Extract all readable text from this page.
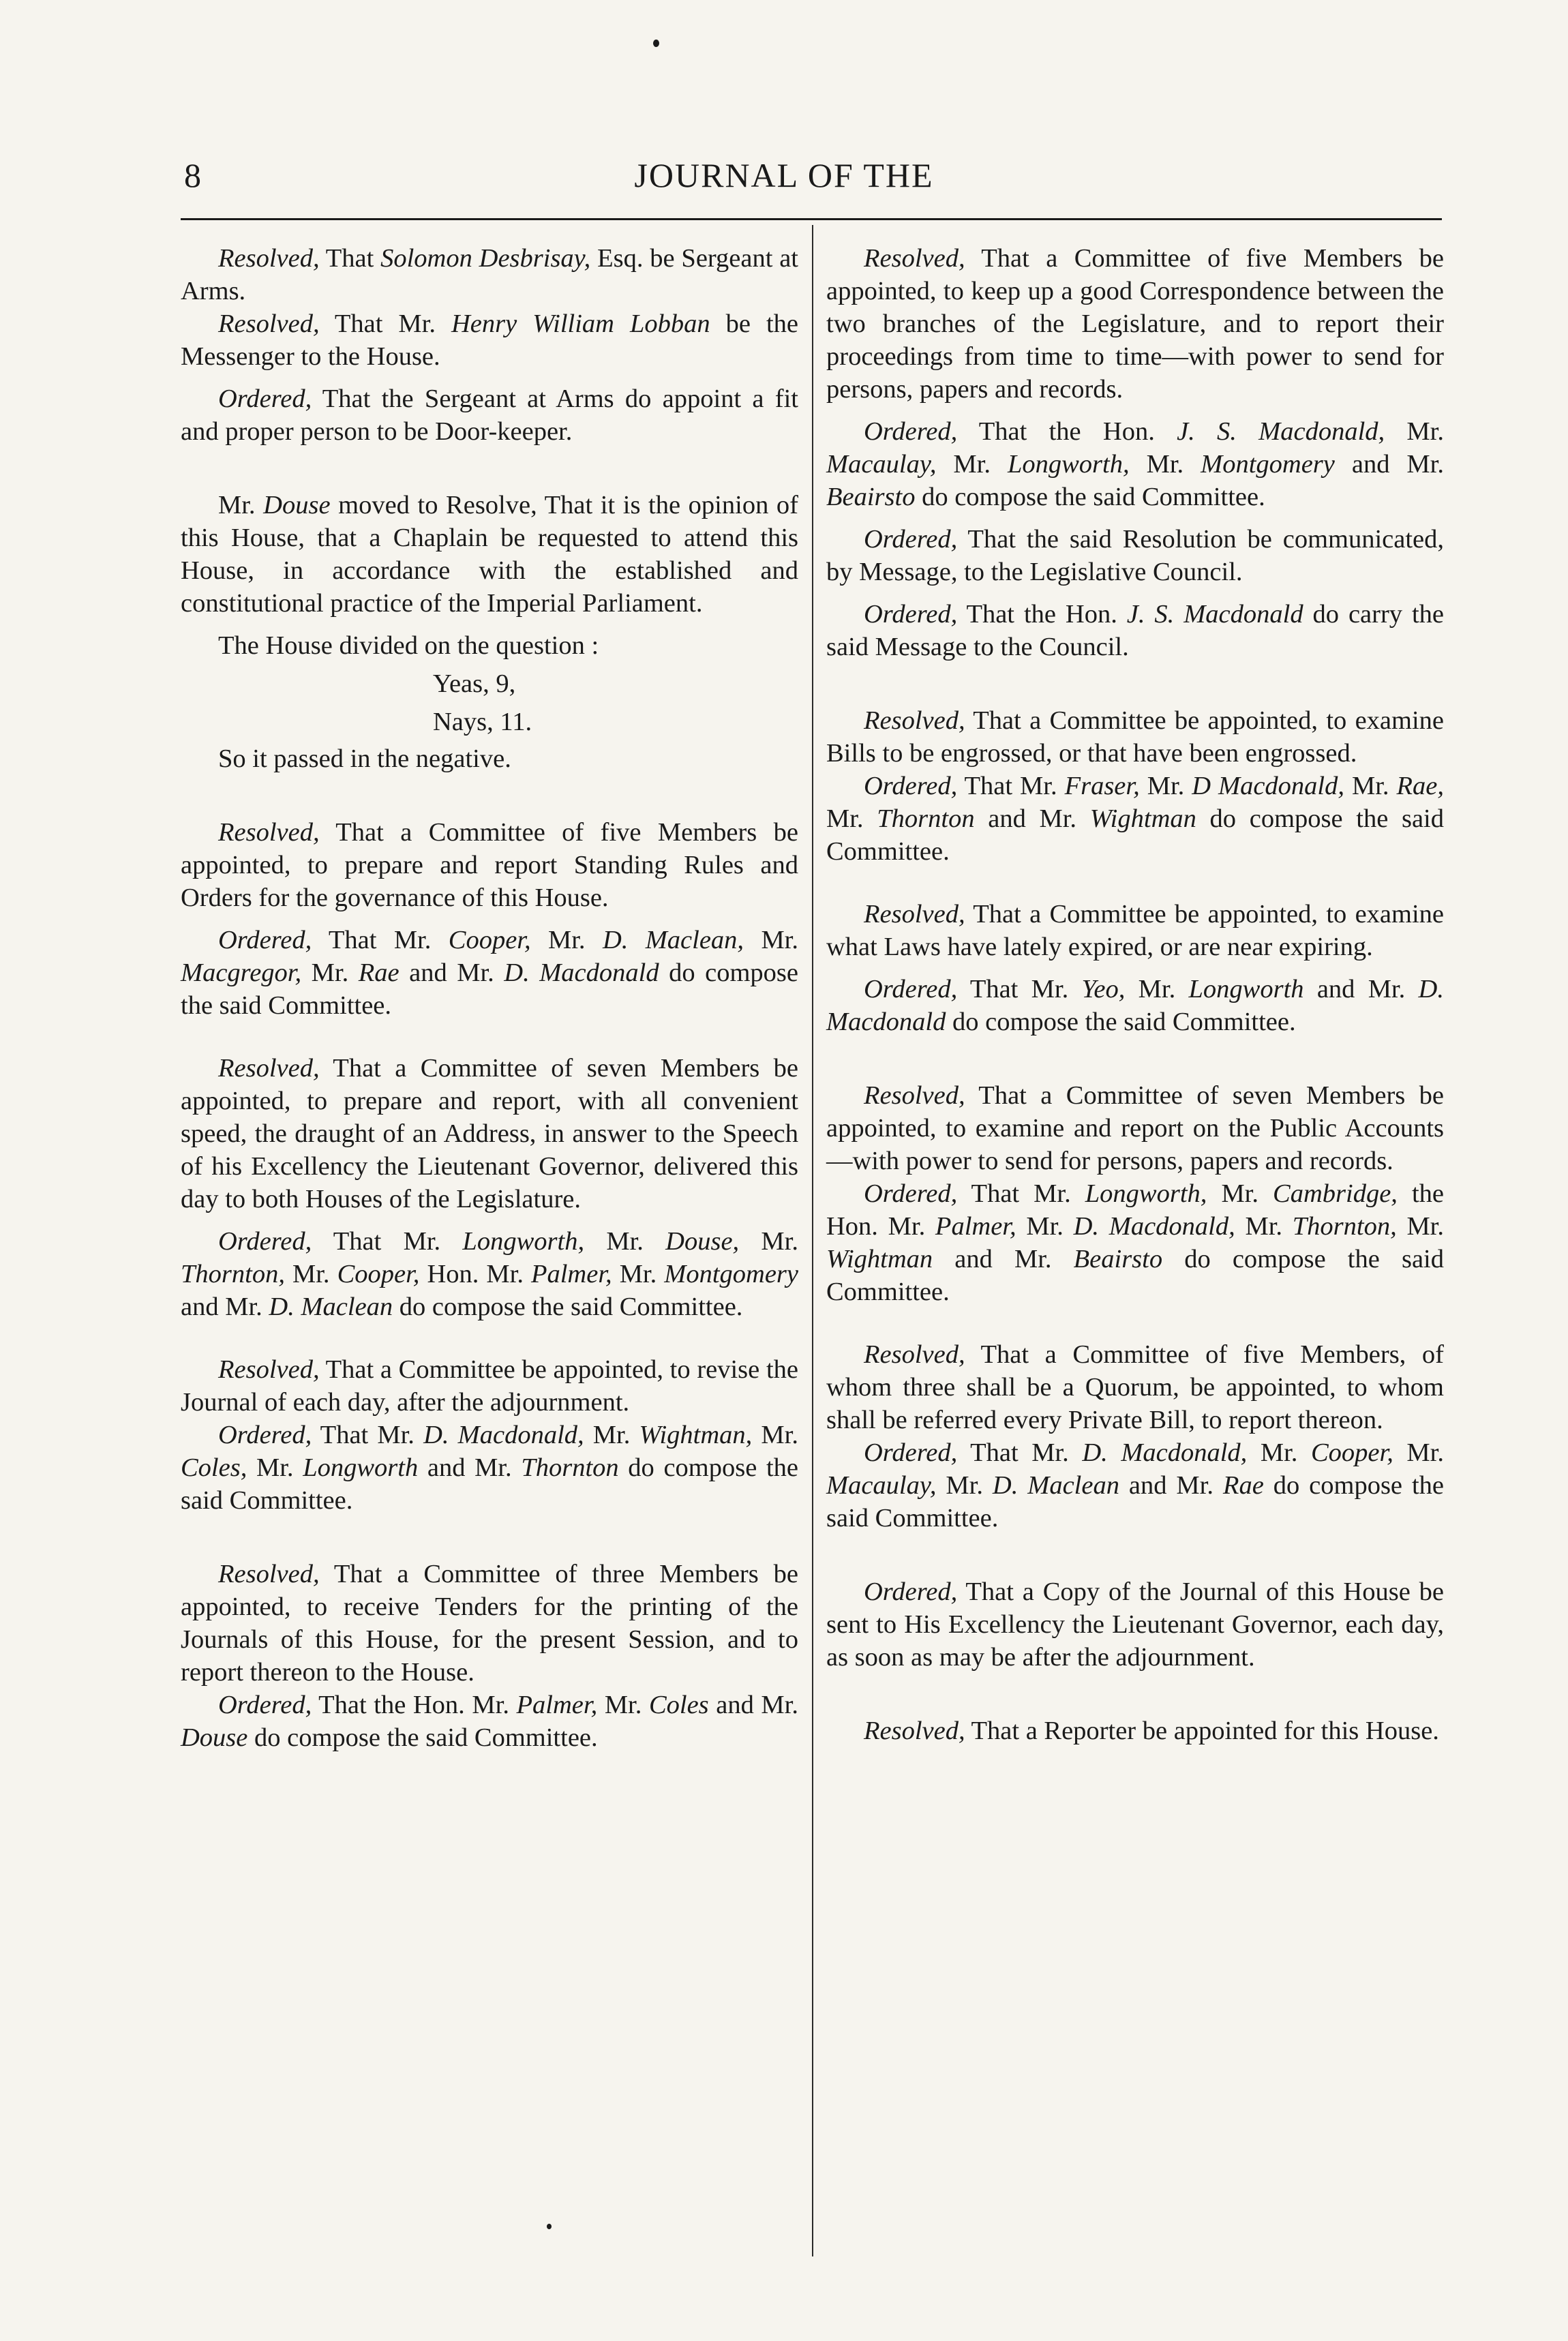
8	JOURNAL OF THE

Resolved, That Solomon Desbrisay, Esq. be Sergeant at Arms.

Resolved, That Mr. Henry William Lobban be the Messenger to the House.

Ordered, That the Sergeant at Arms do appoint a fit and proper person to be Door-keeper.

Mr. Douse moved to Resolve, That it is the opinion of this House, that a Chaplain be requested to attend this House, in accordance with the established and constitutional practice of the Imperial Parliament.

The House divided on the question :

Yeas, 9,

Nays, 11.

So it passed in the negative.

Resolved, That a Committee of five Members be appointed, to prepare and report Standing Rules and Orders for the governance of this House.

Ordered, That Mr. Cooper, Mr. D. Maclean, Mr. Macgregor, Mr. Rae and Mr. D. Macdonald do compose the said Committee.

Resolved, That a Committee of seven Members be appointed, to prepare and report, with all convenient speed, the draught of an Address, in answer to the Speech of his Excellency the Lieutenant Governor, delivered this day to both Houses of the Legislature.

Ordered, That Mr. Longworth, Mr. Douse, Mr. Thornton, Mr. Cooper, Hon. Mr. Palmer, Mr. Montgomery and Mr. D. Maclean do compose the said Committee.

Resolved, That a Committee be appointed, to revise the Journal of each day, after the adjournment.

Ordered, That Mr. D. Macdonald, Mr. Wightman, Mr. Coles, Mr. Longworth and Mr. Thornton do compose the said Committee.

Resolved, That a Committee of three Members be appointed, to receive Tenders for the printing of the Journals of this House, for the present Session, and to report thereon to the House.

Ordered, That the Hon. Mr. Palmer, Mr. Coles and Mr. Douse do compose the said Committee.

Resolved, That a Committee of five Members be appointed, to keep up a good Correspondence between the two branches of the Legislature, and to report their proceedings from time to time—with power to send for persons, papers and records.

Ordered, That the Hon. J. S. Macdonald, Mr. Macaulay, Mr. Longworth, Mr. Montgomery and Mr. Beairsto do compose the said Committee.

Ordered, That the said Resolution be communicated, by Message, to the Legislative Council.

Ordered, That the Hon. J. S. Macdonald do carry the said Message to the Council.

Resolved, That a Committee be appointed, to examine Bills to be engrossed, or that have been engrossed.

Ordered, That Mr. Fraser, Mr. D Macdonald, Mr. Rae, Mr. Thornton and Mr. Wightman do compose the said Committee.

Resolved, That a Committee be appointed, to examine what Laws have lately expired, or are near expiring.

Ordered, That Mr. Yeo, Mr. Longworth and Mr. D. Macdonald do compose the said Committee.

Resolved, That a Committee of seven Members be appointed, to examine and report on the Public Accounts—with power to send for persons, papers and records.

Ordered, That Mr. Longworth, Mr. Cambridge, the Hon. Mr. Palmer, Mr. D. Macdonald, Mr. Thornton, Mr. Wightman and Mr. Beairsto do compose the said Committee.

Resolved, That a Committee of five Members, of whom three shall be a Quorum, be appointed, to whom shall be referred every Private Bill, to report thereon.

Ordered, That Mr. D. Macdonald, Mr. Cooper, Mr. Macaulay, Mr. D. Maclean and Mr. Rae do compose the said Committee.

Ordered, That a Copy of the Journal of this House be sent to His Excellency the Lieutenant Governor, each day, as soon as may be after the adjournment.

Resolved, That a Reporter be appointed for this House.
